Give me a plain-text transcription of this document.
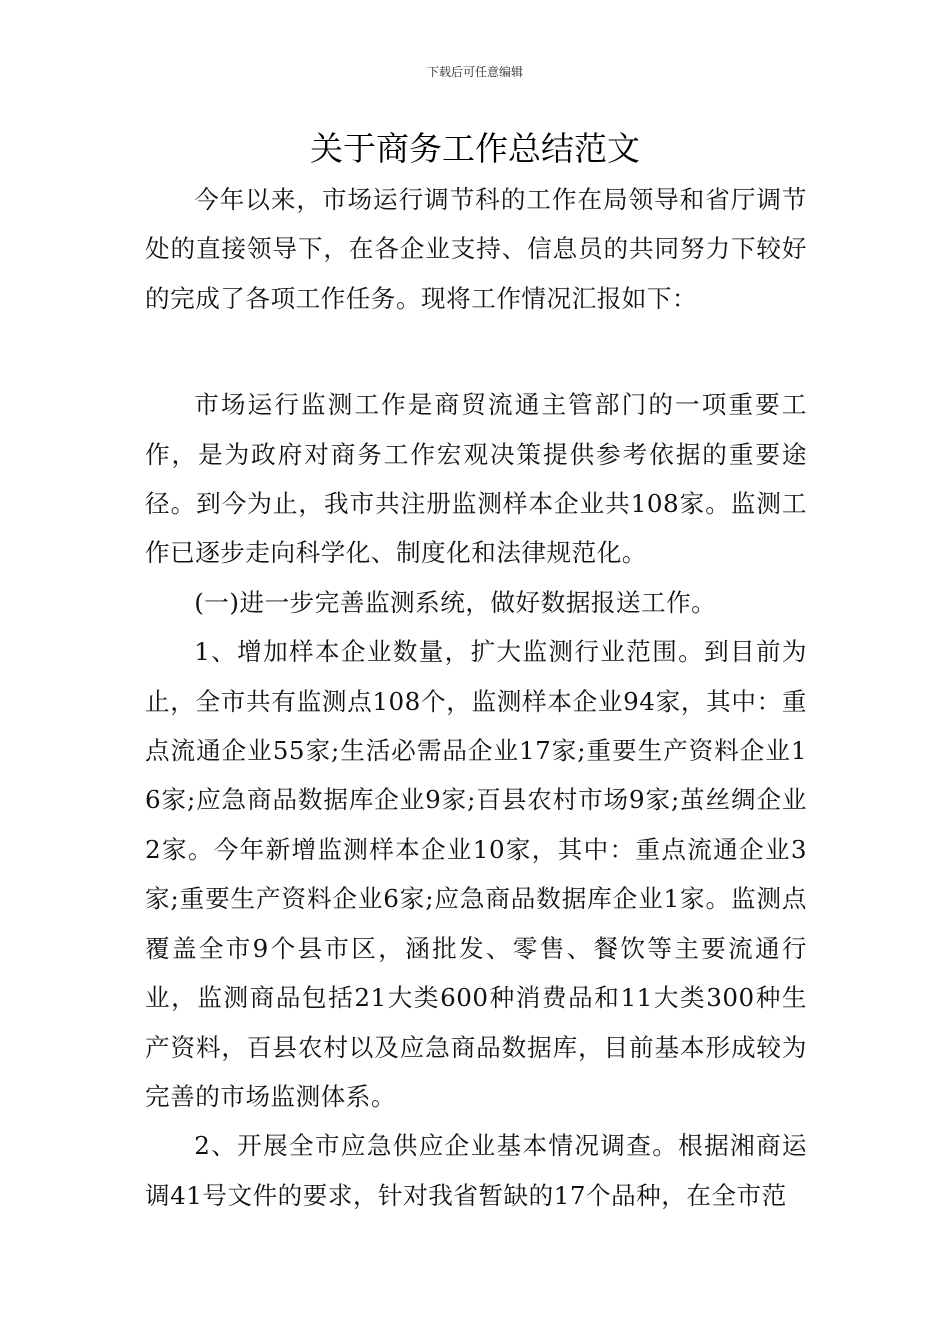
下载后可任意编辑
关于商务工作总结范文

今年以来，市场运行调节科的工作在局领导和省厅调节处的直接领导下，在各企业支持、信息员的共同努力下较好的完成了各项工作任务。现将工作情况汇报如下：

市场运行监测工作是商贸流通主管部门的一项重要工作，是为政府对商务工作宏观决策提供参考依据的重要途径。到今为止，我市共注册监测样本企业共108家。监测工作已逐步走向科学化、制度化和法律规范化。

(一)进一步完善监测系统，做好数据报送工作。

1、增加样本企业数量，扩大监测行业范围。到目前为止，全市共有监测点108个，监测样本企业94家，其中：重点流通企业55家;生活必需品企业17家;重要生产资料企业16家;应急商品数据库企业9家;百县农村市场9家;茧丝绸企业2家。今年新增监测样本企业10家，其中：重点流通企业3家;重要生产资料企业6家;应急商品数据库企业1家。监测点覆盖全市9个县市区，涵批发、零售、餐饮等主要流通行业，监测商品包括21大类600种消费品和11大类300种生产资料，百县农村以及应急商品数据库，目前基本形成较为完善的市场监测体系。

2、开展全市应急供应企业基本情况调查。根据湘商运调41号文件的要求，针对我省暂缺的17个品种，在全市范
